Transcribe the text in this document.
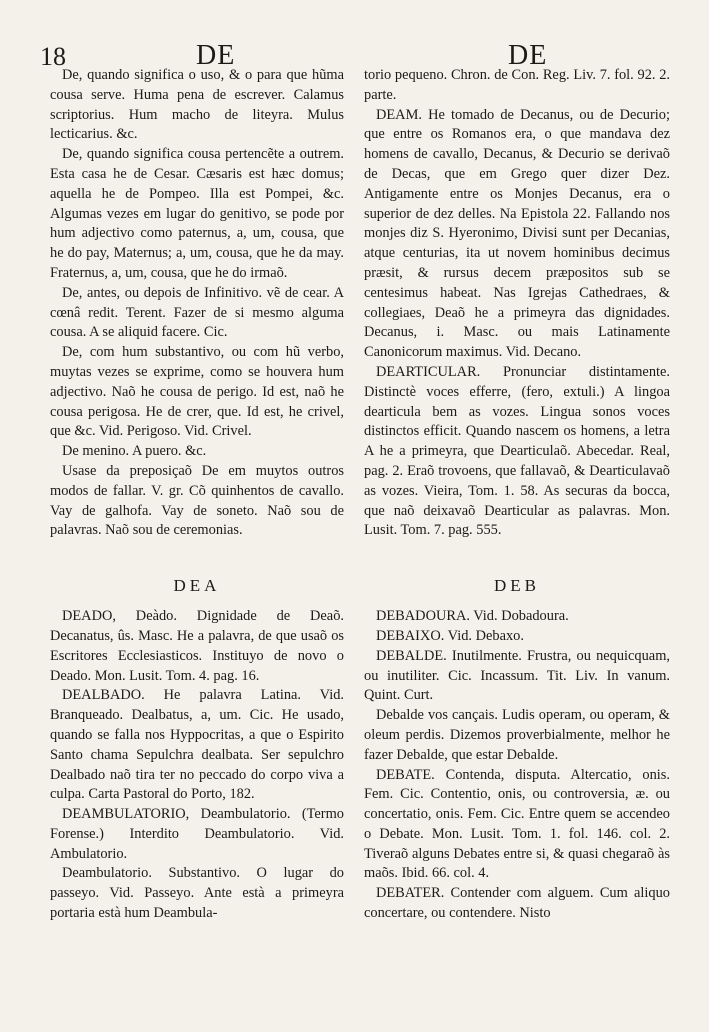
18	DE	DE

De, quando significa o uso, & o para que hũma cousa serve. Huma pena de escrever. Calamus scriptorius. Hum macho de liteyra. Mulus lecticarius. &c.

De, quando significa cousa pertencẽte a outrem. Esta casa he de Cesar. Cæsaris est hæc domus; aquella he de Pompeo. Illa est Pompei, &c. Algumas vezes em lugar do genitivo, se pode por hum adjectivo como paternus, a, um, cousa, que he do pay, Maternus; a, um, cousa, que he da may. Fraternus, a, um, cousa, que he do irmaõ.

De, antes, ou depois de Infinitivo. vẽ de cear. A cœnâ redit. Terent. Fazer de si mesmo alguma cousa. A se aliquid facere. Cic.

De, com hum substantivo, ou com hũ verbo, muytas vezes se exprime, como se houvera hum adjectivo. Naõ he cousa de perigo. Id est, naõ he cousa perigosa. He de crer, que. Id est, he crivel, que &c. Vid. Perigoso. Vid. Crivel.

De menino. A puero. &c.

Usase da preposiçaõ De em muytos outros modos de fallar. V. gr. Cõ quinhentos de cavallo. Vay de galhofa. Vay de soneto. Naõ sou de palavras. Naõ sou de ceremonias.

DEA

DEADO, Deàdo. Dignidade de Deaõ. Decanatus, ûs. Masc. He a palavra, de que usaõ os Escritores Ecclesiasticos. Instituyo de novo o Deado. Mon. Lusit. Tom. 4. pag. 16.

DEALBADO. He palavra Latina. Vid. Branqueado. Dealbatus, a, um. Cic. He usado, quando se falla nos Hyppocritas, a que o Espirito Santo chama Sepulchra dealbata. Ser sepulchro Dealbado naõ tira ter no peccado do corpo viva a culpa. Carta Pastoral do Porto, 182.

DEAMBULATORIO, Deambulatorio. (Termo Forense.) Interdito Deambulatorio. Vid. Ambulatorio.

Deambulatorio. Substantivo. O lugar do passeyo. Vid. Passeyo. Ante està a primeyra portaria està hum Deambula-

torio pequeno. Chron. de Con. Reg. Liv. 7. fol. 92. 2. parte.

DEAM. He tomado de Decanus, ou de Decurio; que entre os Romanos era, o que mandava dez homens de cavallo, Decanus, & Decurio se derivaõ de Decas, que em Grego quer dizer Dez. Antigamente entre os Monjes Decanus, era o superior de dez delles. Na Epistola 22. Fallando nos monjes diz S. Hyeronimo, Divisi sunt per Decanias, atque centurias, ita ut novem hominibus decimus præsit, & rursus decem præpositos sub se centesimus habeat. Nas Igrejas Cathedraes, & collegiaes, Deaõ he a primeyra das dignidades. Decanus, i. Masc. ou mais Latinamente Canonicorum maximus. Vid. Decano.

DEARTICULAR. Pronunciar distintamente. Distinctè voces efferre, (fero, extuli.) A lingoa dearticula bem as vozes. Lingua sonos voces distinctos efficit. Quando nascem os homens, a letra A he a primeyra, que Dearticulaõ. Abecedar. Real, pag. 2. Eraõ trovoens, que fallavaõ, & Dearticulavaõ as vozes. Vieira, Tom. 1. 58. As securas da bocca, que naõ deixavaõ Dearticular as palavras. Mon. Lusit. Tom. 7. pag. 555.

DEB

DEBADOURA. Vid. Dobadoura.

DEBAIXO. Vid. Debaxo.

DEBALDE. Inutilmente. Frustra, ou nequicquam, ou inutiliter. Cic. Incassum. Tit. Liv. In vanum. Quint. Curt.

Debalde vos cançais. Ludis operam, ou operam, & oleum perdis. Dizemos proverbialmente, melhor he fazer Debalde, que estar Debalde.

DEBATE. Contenda, disputa. Altercatio, onis. Fem. Cic. Contentio, onis, ou controversia, æ. ou concertatio, onis. Fem. Cic. Entre quem se accendeo o Debate. Mon. Lusit. Tom. 1. fol. 146. col. 2. Tiveraõ alguns Debates entre si, & quasi chegaraõ às maõs. Ibid. 66. col. 4.

DEBATER. Contender com alguem. Cum aliquo concertare, ou contendere. Nisto
